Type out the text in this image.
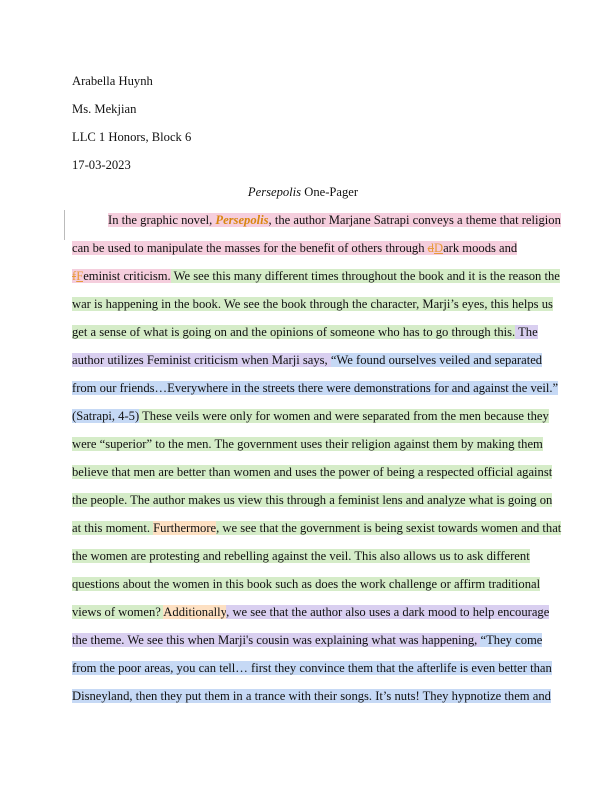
Arabella Huynh
Ms. Mekjian
LLC 1 Honors, Block 6
17-03-2023
Persepolis One-Pager
In the graphic novel, Persepolis, the author Marjane Satrapi conveys a theme that religion
can be used to manipulate the masses for the benefit of others through dDark moods and
fFeminist criticism. We see this many different times throughout the book and it is the reason the
war is happening in the book. We see the book through the character, Marji’s eyes, this helps us
get a sense of what is going on and the opinions of someone who has to go through this. The
author utilizes Feminist criticism when Marji says, “We found ourselves veiled and separated
from our friends…Everywhere in the streets there were demonstrations for and against the veil.”
(Satrapi, 4-5) These veils were only for women and were separated from the men because they
were “superior” to the men. The government uses their religion against them by making them
believe that men are better than women and uses the power of being a respected official against
the people. The author makes us view this through a feminist lens and analyze what is going on
at this moment. Furthermore, we see that the government is being sexist towards women and that
the women are protesting and rebelling against the veil. This also allows us to ask different
questions about the women in this book such as does the work challenge or affirm traditional
views of women? Additionally, we see that the author also uses a dark mood to help encourage
the theme. We see this when Marji's cousin was explaining what was happening, “They come
from the poor areas, you can tell… first they convince them that the afterlife is even better than
Disneyland, then they put them in a trance with their songs. It’s nuts! They hypnotize them and
